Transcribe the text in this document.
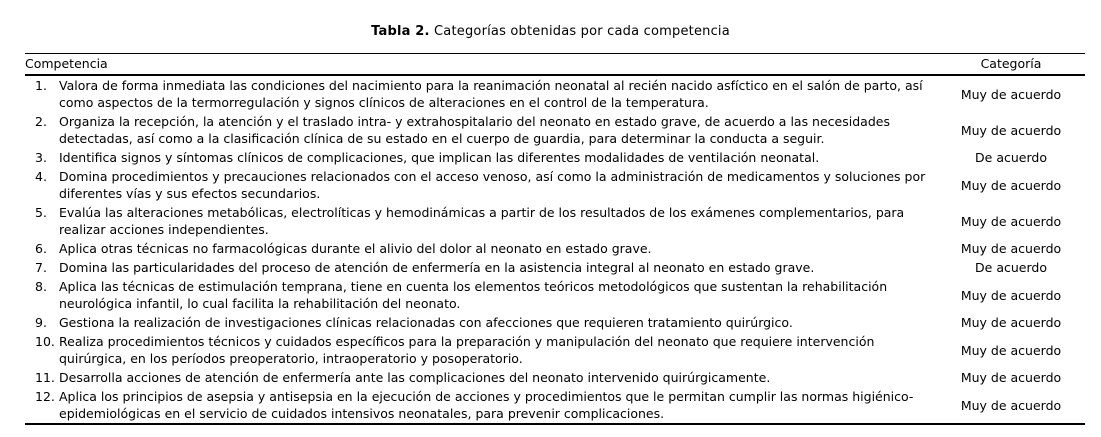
Tabla 2. Categorías obtenidas por cada competencia
Competencia		Categoría
1.	Valora de forma inmediata las condiciones del nacimiento para la reanimación neonatal al recién nacido asfíctico en el salón de parto, así como aspectos de la termorregulación y signos clínicos de alteraciones en el control de la temperatura.	Muy de acuerdo
2.	Organiza la recepción, la atención y el traslado intra- y extrahospitalario del neonato en estado grave, de acuerdo a las necesidades detectadas, así como a la clasificación clínica de su estado en el cuerpo de guardia, para determinar la conducta a seguir.	Muy de acuerdo
3.	Identifica signos y síntomas clínicos de complicaciones, que implican las diferentes modalidades de ventilación neonatal.	De acuerdo
4.	Domina procedimientos y precauciones relacionados con el acceso venoso, así como la administración de medicamentos y soluciones por diferentes vías y sus efectos secundarios.	Muy de acuerdo
5.	Evalúa las alteraciones metabólicas, electrolíticas y hemodinámicas a partir de los resultados de los exámenes complementarios, para realizar acciones independientes.	Muy de acuerdo
6.	Aplica otras técnicas no farmacológicas durante el alivio del dolor al neonato en estado grave.	Muy de acuerdo
7.	Domina las particularidades del proceso de atención de enfermería en la asistencia integral al neonato en estado grave.	De acuerdo
8.	Aplica las técnicas de estimulación temprana, tiene en cuenta los elementos teóricos metodológicos que sustentan la rehabilitación neurológica infantil, lo cual facilita la rehabilitación del neonato.	Muy de acuerdo
9.	Gestiona la realización de investigaciones clínicas relacionadas con afecciones que requieren tratamiento quirúrgico.	Muy de acuerdo
10.	Realiza procedimientos técnicos y cuidados específicos para la preparación y manipulación del neonato que requiere intervención quirúrgica, en los períodos preoperatorio, intraoperatorio y posoperatorio.	Muy de acuerdo
11.	Desarrolla acciones de atención de enfermería ante las complicaciones del neonato intervenido quirúrgicamente.	Muy de acuerdo
12.	Aplica los principios de asepsia y antisepsia en la ejecución de acciones y procedimientos que le permitan cumplir las normas higiénico-epidemiológicas en el servicio de cuidados intensivos neonatales, para prevenir complicaciones.	Muy de acuerdo
